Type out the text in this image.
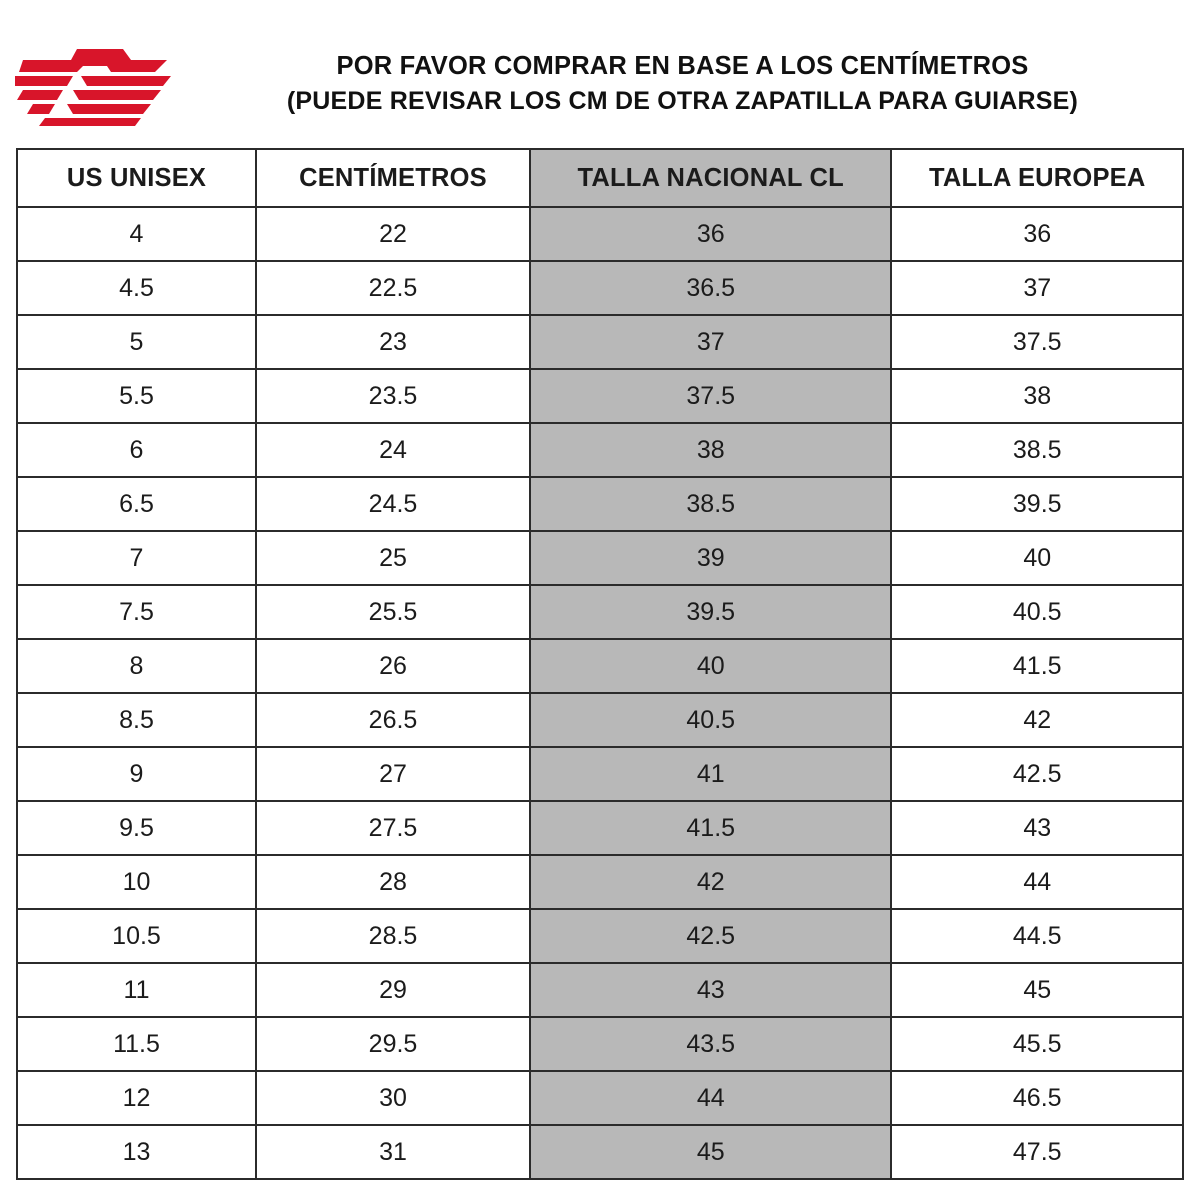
POR FAVOR COMPRAR EN BASE A LOS CENTÍMETROS
(PUEDE REVISAR LOS CM DE OTRA ZAPATILLA PARA GUIARSE)
US UNISEX	CENTÍMETROS	TALLA NACIONAL CL	TALLA EUROPEA
4	22	36	36
4.5	22.5	36.5	37
5	23	37	37.5
5.5	23.5	37.5	38
6	24	38	38.5
6.5	24.5	38.5	39.5
7	25	39	40
7.5	25.5	39.5	40.5
8	26	40	41.5
8.5	26.5	40.5	42
9	27	41	42.5
9.5	27.5	41.5	43
10	28	42	44
10.5	28.5	42.5	44.5
11	29	43	45
11.5	29.5	43.5	45.5
12	30	44	46.5
13	31	45	47.5
